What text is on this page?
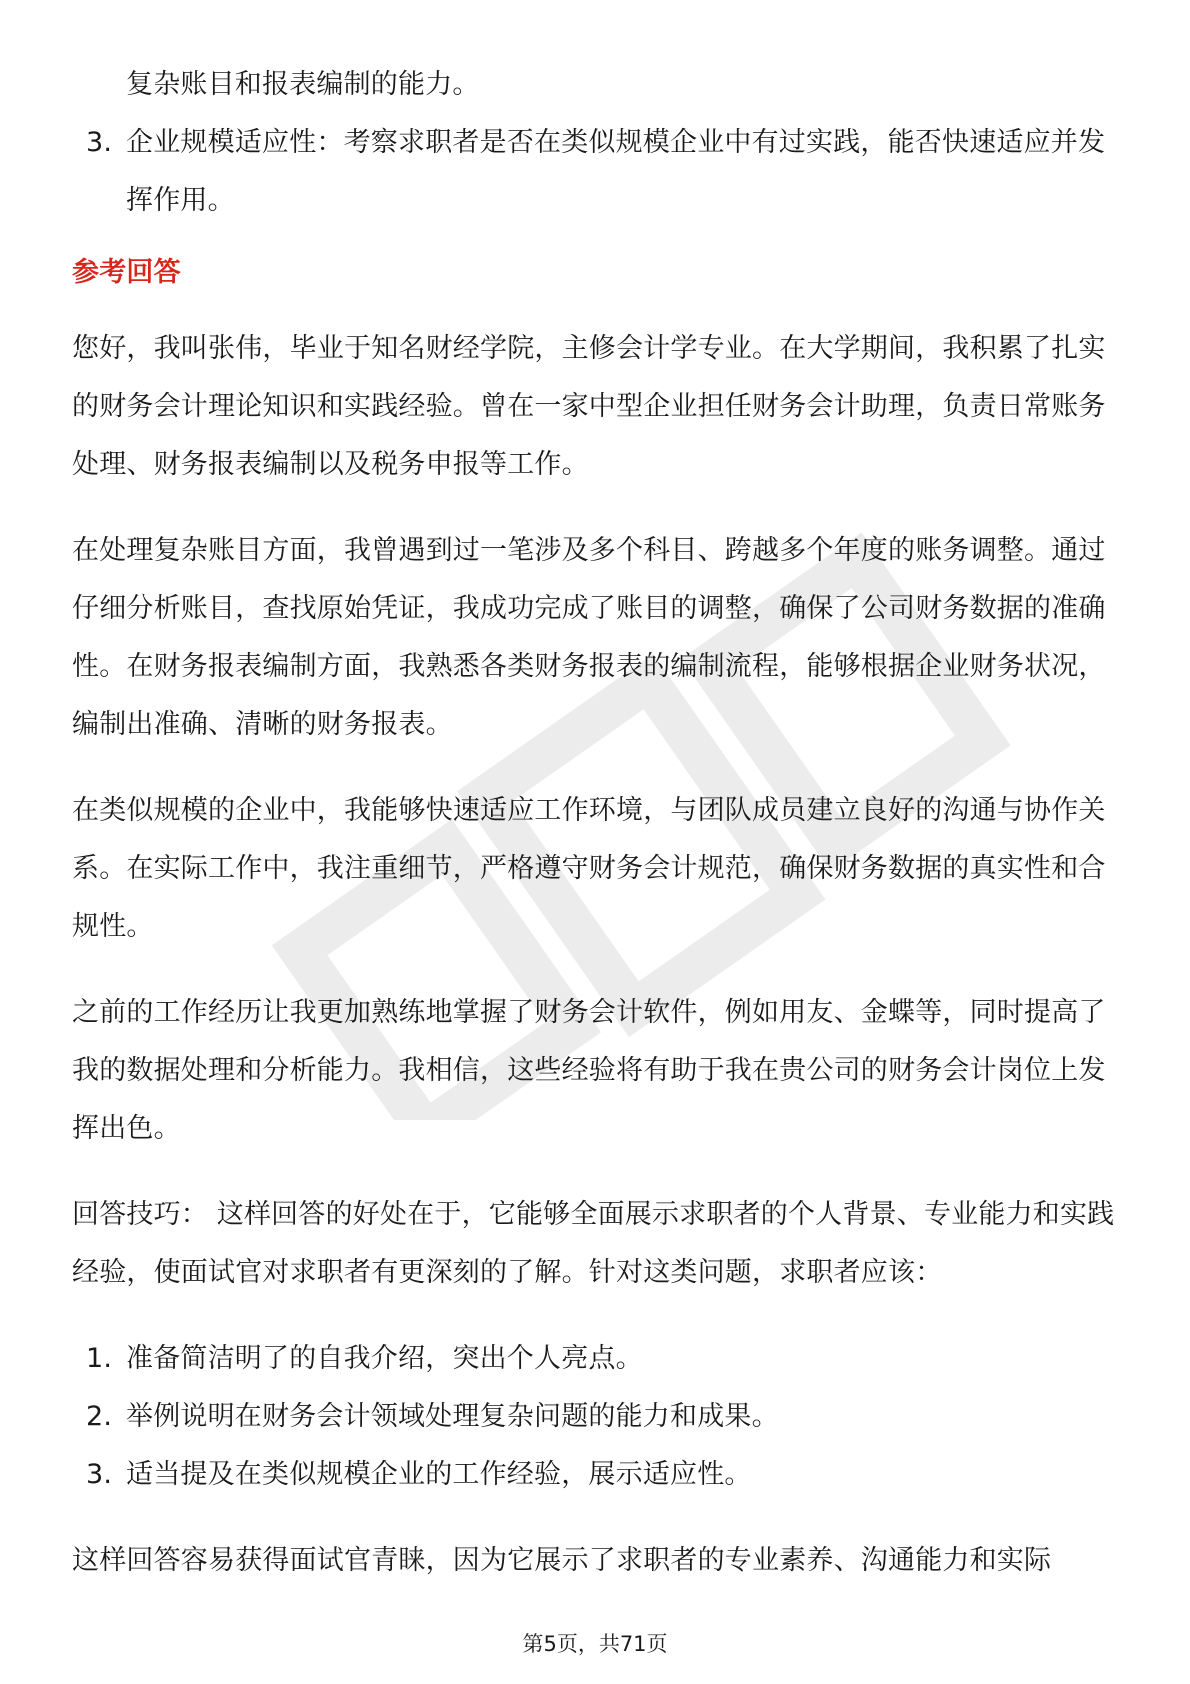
复杂账目和报表编制的能力。
3. 企业规模适应性：考察求职者是否在类似规模企业中有过实践，能否快速适应并发挥作用。
参考回答

您好，我叫张伟，毕业于知名财经学院，主修会计学专业。在大学期间，我积累了扎实的财务会计理论知识和实践经验。曾在一家中型企业担任财务会计助理，负责日常账务处理、财务报表编制以及税务申报等工作。

在处理复杂账目方面，我曾遇到过一笔涉及多个科目、跨越多个年度的账务调整。通过仔细分析账目，查找原始凭证，我成功完成了账目的调整，确保了公司财务数据的准确性。在财务报表编制方面，我熟悉各类财务报表的编制流程，能够根据企业财务状况，编制出准确、清晰的财务报表。

在类似规模的企业中，我能够快速适应工作环境，与团队成员建立良好的沟通与协作关系。在实际工作中，我注重细节，严格遵守财务会计规范，确保财务数据的真实性和合规性。

之前的工作经历让我更加熟练地掌握了财务会计软件，例如用友、金蝶等，同时提高了我的数据处理和分析能力。我相信，这些经验将有助于我在贵公司的财务会计岗位上发挥出色。

回答技巧： 这样回答的好处在于，它能够全面展示求职者的个人背景、专业能力和实践经验，使面试官对求职者有更深刻的了解。针对这类问题，求职者应该：

1. 准备简洁明了的自我介绍，突出个人亮点。
2. 举例说明在财务会计领域处理复杂问题的能力和成果。
3. 适当提及在类似规模企业的工作经验，展示适应性。

这样回答容易获得面试官青睐，因为它展示了求职者的专业素养、沟通能力和实际

第5页，共71页
